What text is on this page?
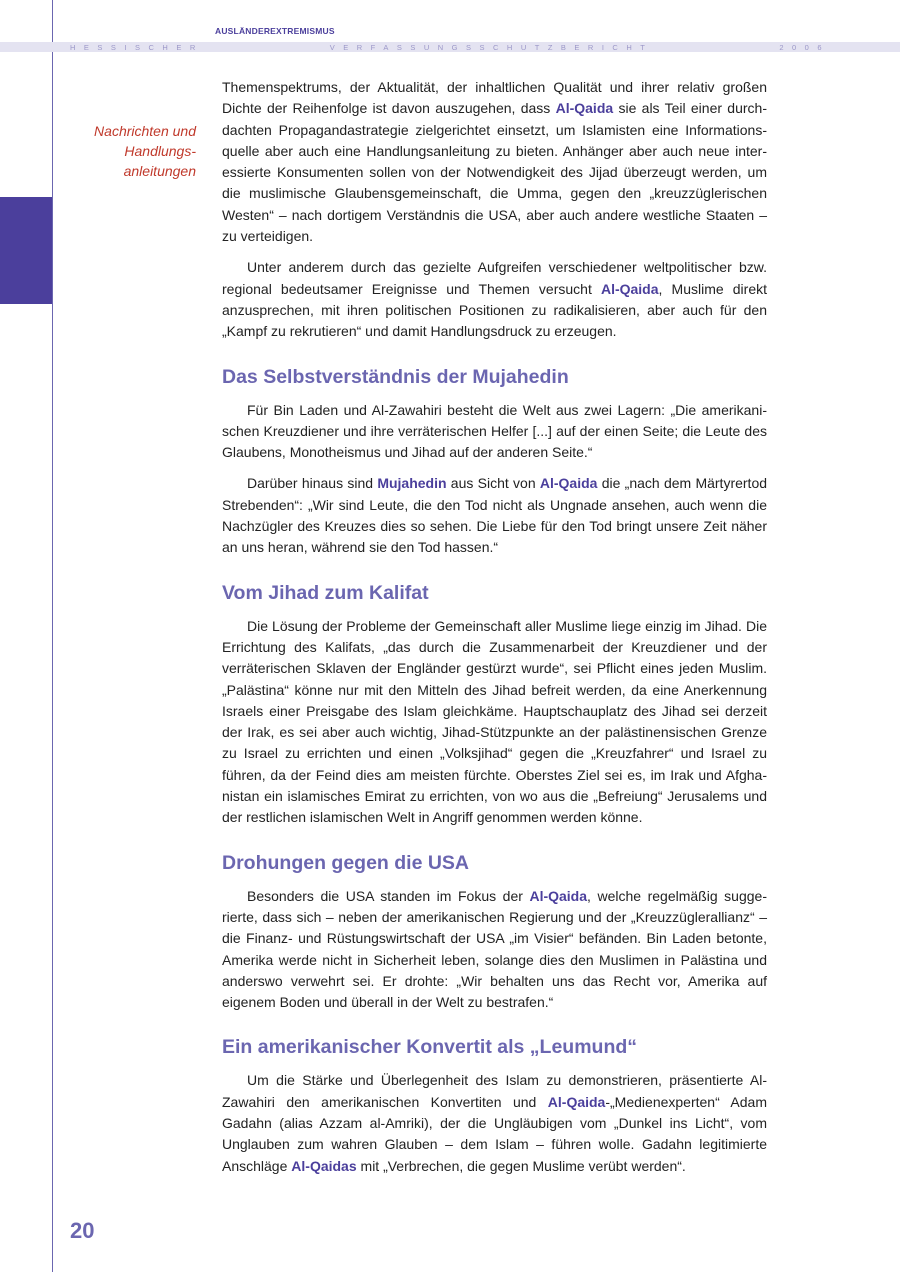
AUSLÄNDEREXTREMISMUS
HESSISCHER	VERFASSUNGSSCHUTZBERICHT	2006
Nachrichten und
Handlungs-
anleitungen

Themenspektrums, der Aktualität, der inhaltlichen Qualität und ihrer relativ großen Dichte der Reihenfolge ist davon auszugehen, dass Al-Qaida sie als Teil einer durchdachten Propagandastrategie zielgerichtet einsetzt, um Islamisten eine Informationsquelle aber auch eine Handlungsanleitung zu bieten. Anhänger aber auch neue interessierte Konsumenten sollen von der Notwendigkeit des Jijad überzeugt werden, um die muslimische Glaubensgemeinschaft, die Umma, gegen den „kreuzzüglerischen Westen“ – nach dortigem Verständnis die USA, aber auch andere westliche Staaten – zu verteidigen.

Unter anderem durch das gezielte Aufgreifen verschiedener weltpolitischer bzw. regional bedeutsamer Ereignisse und Themen versucht Al-Qaida, Muslime direkt anzusprechen, mit ihren politischen Positionen zu radikalisieren, aber auch für den „Kampf zu rekrutieren“ und damit Handlungsdruck zu erzeugen.

Das Selbstverständnis der Mujahedin

Für Bin Laden und Al-Zawahiri besteht die Welt aus zwei Lagern: „Die amerikanischen Kreuzdiener und ihre verräterischen Helfer [...] auf der einen Seite; die Leute des Glaubens, Monotheismus und Jihad auf der anderen Seite.“

Darüber hinaus sind Mujahedin aus Sicht von Al-Qaida die „nach dem Märtyrertod Strebenden“: „Wir sind Leute, die den Tod nicht als Ungnade ansehen, auch wenn die Nachzügler des Kreuzes dies so sehen. Die Liebe für den Tod bringt unsere Zeit näher an uns heran, während sie den Tod hassen.“

Vom Jihad zum Kalifat

Die Lösung der Probleme der Gemeinschaft aller Muslime liege einzig im Jihad. Die Errichtung des Kalifats, „das durch die Zusammenarbeit der Kreuzdiener und der verräterischen Sklaven der Engländer gestürzt wurde“, sei Pflicht eines jeden Muslim. „Palästina“ könne nur mit den Mitteln des Jihad befreit werden, da eine Anerkennung Israels einer Preisgabe des Islam gleichkäme. Hauptschauplatz des Jihad sei derzeit der Irak, es sei aber auch wichtig, Jihad-Stützpunkte an der palästinensischen Grenze zu Israel zu errichten und einen „Volksjihad“ gegen die „Kreuzfahrer“ und Israel zu führen, da der Feind dies am meisten fürchte. Oberstes Ziel sei es, im Irak und Afghanistan ein islamisches Emirat zu errichten, von wo aus die „Befreiung“ Jerusalems und der restlichen islamischen Welt in Angriff genommen werden könne.

Drohungen gegen die USA

Besonders die USA standen im Fokus der Al-Qaida, welche regelmäßig suggerierte, dass sich – neben der amerikanischen Regierung und der „Kreuzzüglerallianz“ – die Finanz- und Rüstungswirtschaft der USA „im Visier“ befänden. Bin Laden betonte, Amerika werde nicht in Sicherheit leben, solange dies den Muslimen in Palästina und anderswo verwehrt sei. Er drohte: „Wir behalten uns das Recht vor, Amerika auf eigenem Boden und überall in der Welt zu bestrafen.“

Ein amerikanischer Konvertit als „Leumund“

Um die Stärke und Überlegenheit des Islam zu demonstrieren, präsentierte Al-Zawahiri den amerikanischen Konvertiten und Al-Qaida-„Medienexperten“ Adam Gadahn (alias Azzam al-Amriki), der die Ungläubigen vom „Dunkel ins Licht“, vom Unglauben zum wahren Glauben – dem Islam – führen wolle. Gadahn legitimierte Anschläge Al-Qaidas mit „Verbrechen, die gegen Muslime verübt werden“.

20
